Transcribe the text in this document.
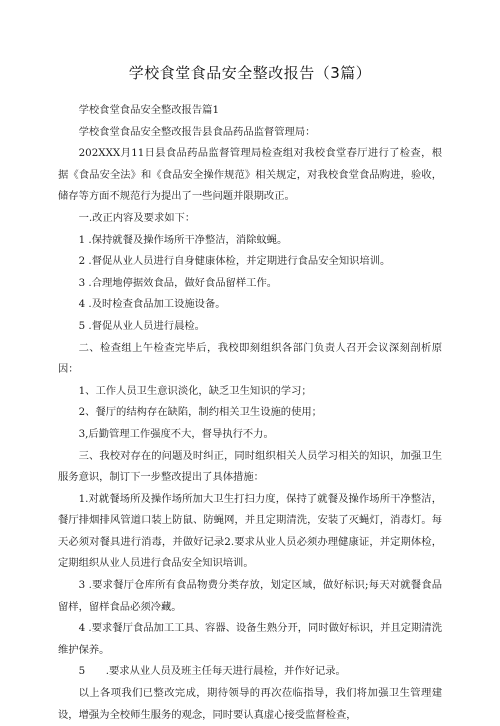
学校食堂食品安全整改报告（3篇）

学校食堂食品安全整改报告篇1

学校食堂食品安全整改报告县食品药品监督管理局：

202XXX月11日县食品药品监督管理局检查组对我校食堂春厅进行了检查，根据《食品安全法》和《食品安全操作规范》相关规定，对我校食堂食品购进，验收，储存等方面不规范行为提出了一些问题并限期改正。

一.改正内容及要求如下：

1 .保持就餐及操作场所干净整洁，消除蚊蝇。

2 .督促从业人员进行自身健康体检，并定期进行食品安全知识培训。

3 .合理地停据效食品，做好食品留样工作。

4 .及时检查食品加工设施设备。

5 .督促从业人员进行晨检。

二、检查组上午检查完毕后，我校即刻组织各部门负责人召开会议深刻剖析原因：

1、工作人员卫生意识淡化，缺乏卫生知识的学习；

2、餐厅的结构存在缺陷，制约相关卫生设施的使用；

3,后勤管理工作强度不大，督导执行不力。

三、我校对存在的问题及时纠正，同时组织相关人员学习相关的知识，加强卫生服务意识，制订下一步整改提出了具体措施：

1.对就餐场所及操作场所加大卫生打扫力度，保持了就餐及操作场所干净整洁，餐厅排烟排风管道口装上防鼠、防蝇网，并且定期清洗，安装了灭蝇灯，消毒灯。每天必须对餐具进行消毒，并做好记录2.要求从业人员必须办理健康证，并定期体检，定期组织从业人员进行食品安全知识培训。

3 .要求餐厅仓库所有食品物费分类存放，划定区域，做好标识;每天对就餐食品留样，留样食品必须冷藏。

4 .要求餐厅食品加工工具、容器、设备生熟分开，同时做好标识，并且定期清洗维护保养。

5　　.要求从业人员及班主任每天进行晨检，并作好记录。

以上各项我们已整改完成，期待领导的再次莅临指导，我们将加强卫生管理建设，增强为全校师生服务的观念，同时要认真虚心接受监督检查，
